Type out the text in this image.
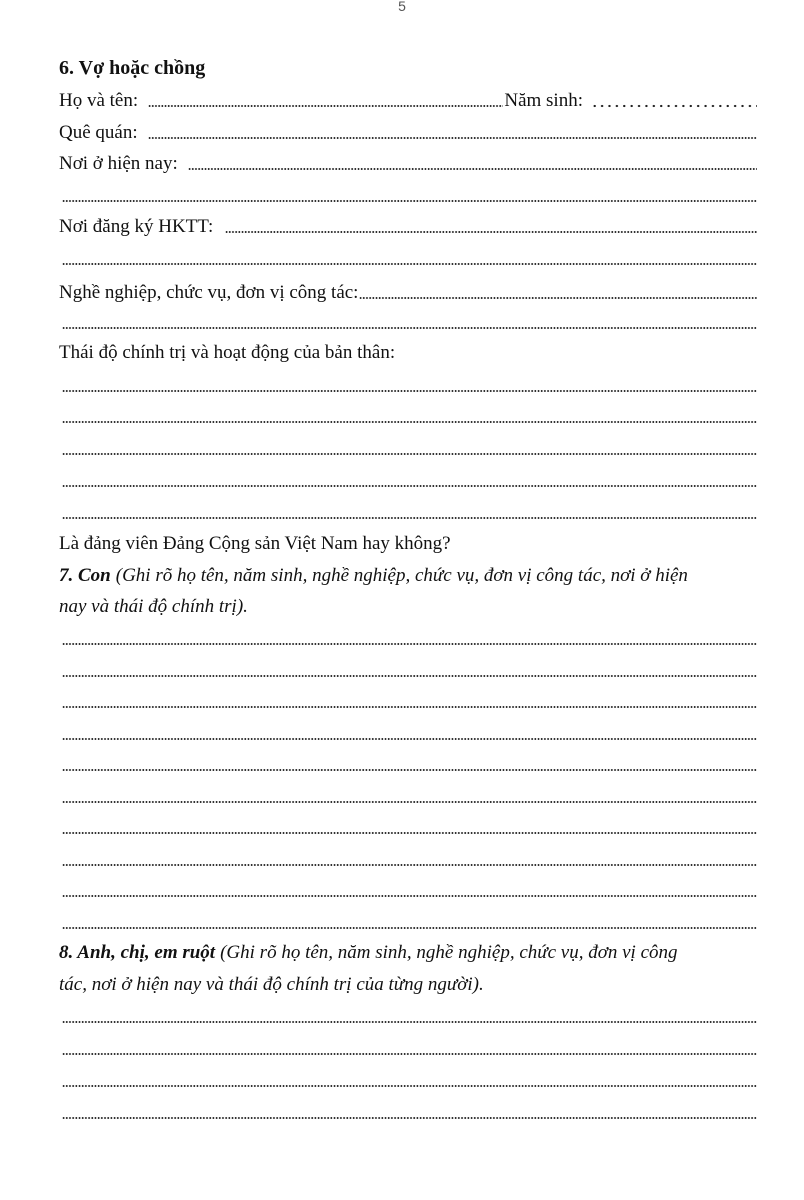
5
6. Vợ hoặc chồng
Họ và tên:	Năm sinh:
Quê quán:
Nơi ở hiện nay:
Nơi đăng ký HKTT:
Nghề nghiệp, chức vụ, đơn vị công tác:
Thái độ chính trị và hoạt động của bản thân:
Là đảng viên Đảng Cộng sản Việt Nam hay không?
7. Con (Ghi rõ họ tên, năm sinh, nghề nghiệp, chức vụ, đơn vị công tác, nơi ở hiện
nay và thái độ chính trị).
8. Anh, chị, em ruột (Ghi rõ họ tên, năm sinh, nghề nghiệp, chức vụ, đơn vị công
tác, nơi ở hiện nay và thái độ chính trị của từng người).
